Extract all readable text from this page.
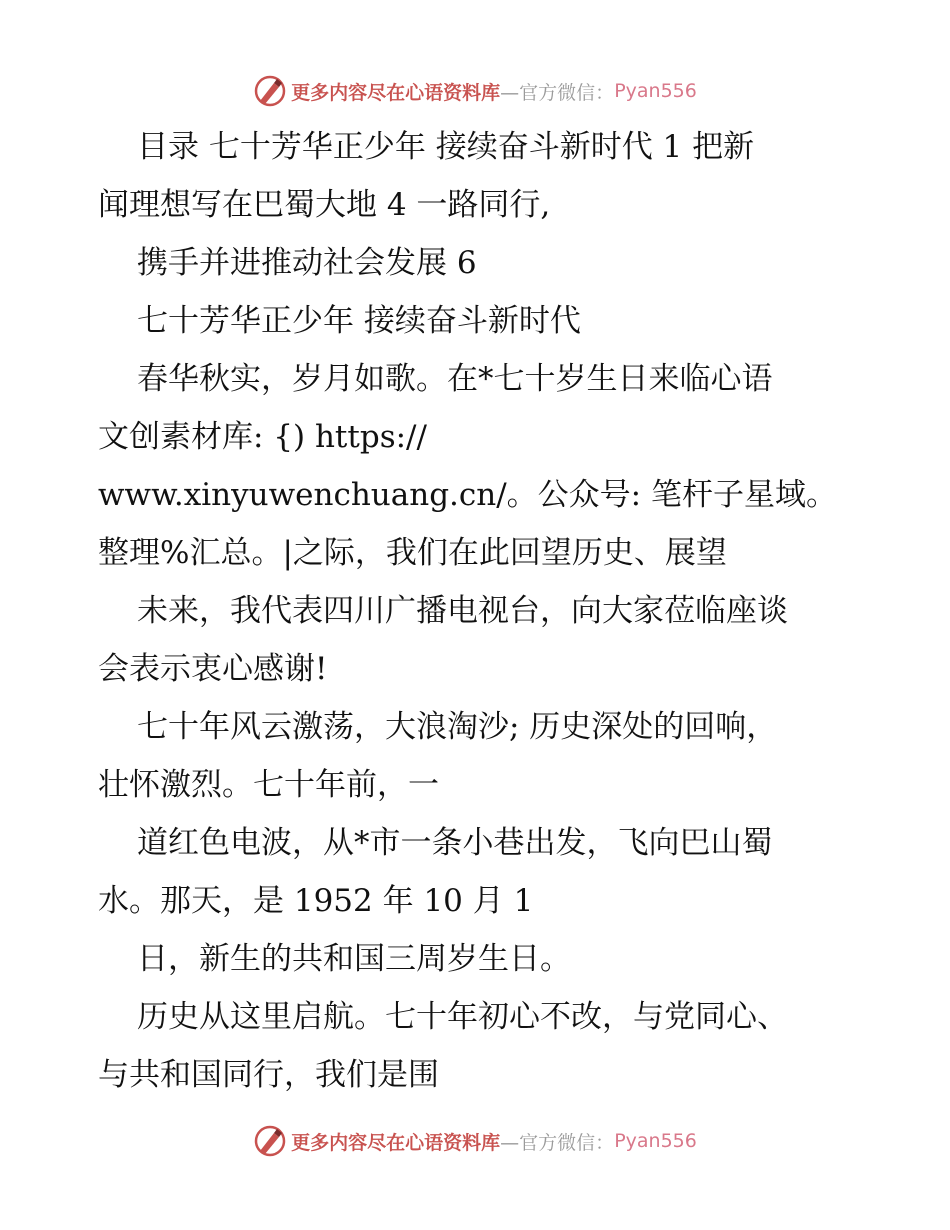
更多内容尽在心语资料库 —官方微信： Pyan556
目录 七十芳华正少年 接续奋斗新时代 1 把新
闻理想写在巴蜀大地 4 一路同行,
携手并进推动社会发展 6
七十芳华正少年 接续奋斗新时代
春华秋实，岁月如歌。在*七十岁生日来临心语
文创素材库: {) https://
www.xinyuwenchuang.cn/。公众号: 笔杆子星域。
整理%汇总。|之际，我们在此回望历史、展望
未来，我代表四川广播电视台，向大家莅临座谈
会表示衷心感谢!
七十年风云激荡，大浪淘沙; 历史深处的回响，
壮怀激烈。七十年前，一
道红色电波，从*市一条小巷出发，飞向巴山蜀
水。那天，是 1952 年 10 月 1
日，新生的共和国三周岁生日。
历史从这里启航。七十年初心不改，与党同心、
与共和国同行，我们是围
更多内容尽在心语资料库 —官方微信： Pyan556
